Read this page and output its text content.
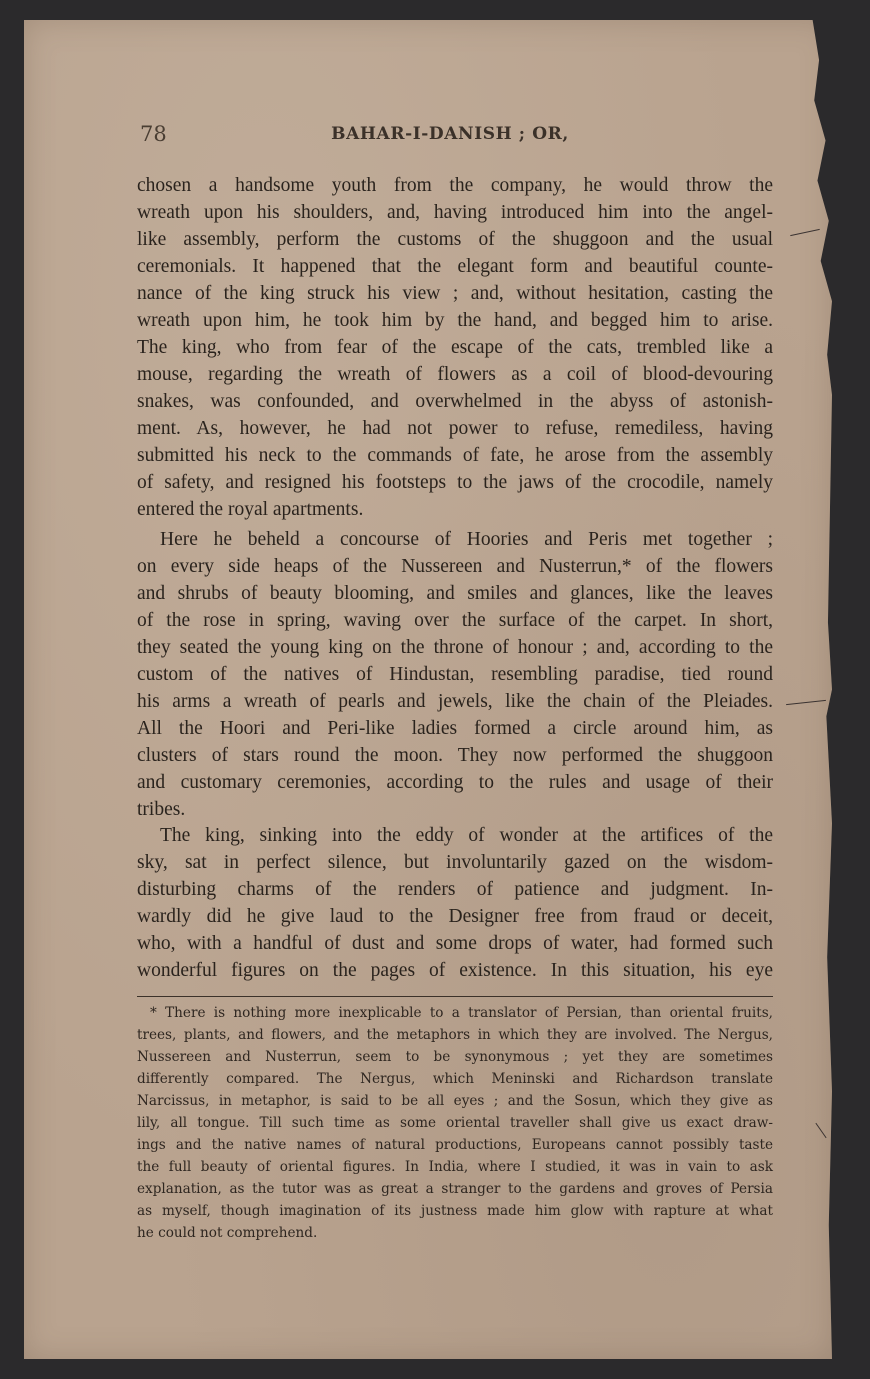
78	BAHAR-I-DANISH ; OR,
chosen a handsome youth from the company, he would throw the
wreath upon his shoulders, and, having introduced him into the angel-
like assembly, perform the customs of the shuggoon and the usual
ceremonials. It happened that the elegant form and beautiful counte-
nance of the king struck his view ; and, without hesitation, casting the
wreath upon him, he took him by the hand, and begged him to arise.
The king, who from fear of the escape of the cats, trembled like a
mouse, regarding the wreath of flowers as a coil of blood-devouring
snakes, was confounded, and overwhelmed in the abyss of astonish-
ment. As, however, he had not power to refuse, remediless, having
submitted his neck to the commands of fate, he arose from the assembly
of safety, and resigned his footsteps to the jaws of the crocodile, namely
entered the royal apartments.
Here he beheld a concourse of Hoories and Peris met together ;
on every side heaps of the Nussereen and Nusterrun,* of the flowers
and shrubs of beauty blooming, and smiles and glances, like the leaves
of the rose in spring, waving over the surface of the carpet. In short,
they seated the young king on the throne of honour ; and, according to the
custom of the natives of Hindustan, resembling paradise, tied round
his arms a wreath of pearls and jewels, like the chain of the Pleiades.
All the Hoori and Peri-like ladies formed a circle around him, as
clusters of stars round the moon. They now performed the shuggoon
and customary ceremonies, according to the rules and usage of their
tribes.
The king, sinking into the eddy of wonder at the artifices of the
sky, sat in perfect silence, but involuntarily gazed on the wisdom-
disturbing charms of the renders of patience and judgment. In-
wardly did he give laud to the Designer free from fraud or deceit,
who, with a handful of dust and some drops of water, had formed such
wonderful figures on the pages of existence. In this situation, his eye
* There is nothing more inexplicable to a translator of Persian, than oriental fruits,
trees, plants, and flowers, and the metaphors in which they are involved. The Nergus,
Nussereen and Nusterrun, seem to be synonymous ; yet they are sometimes
differently compared. The Nergus, which Meninski and Richardson translate
Narcissus, in metaphor, is said to be all eyes ; and the Sosun, which they give as
lily, all tongue. Till such time as some oriental traveller shall give us exact draw-
ings and the native names of natural productions, Europeans cannot possibly taste
the full beauty of oriental figures. In India, where I studied, it was in vain to ask
explanation, as the tutor was as great a stranger to the gardens and groves of Persia
as myself, though imagination of its justness made him glow with rapture at what
he could not comprehend.
